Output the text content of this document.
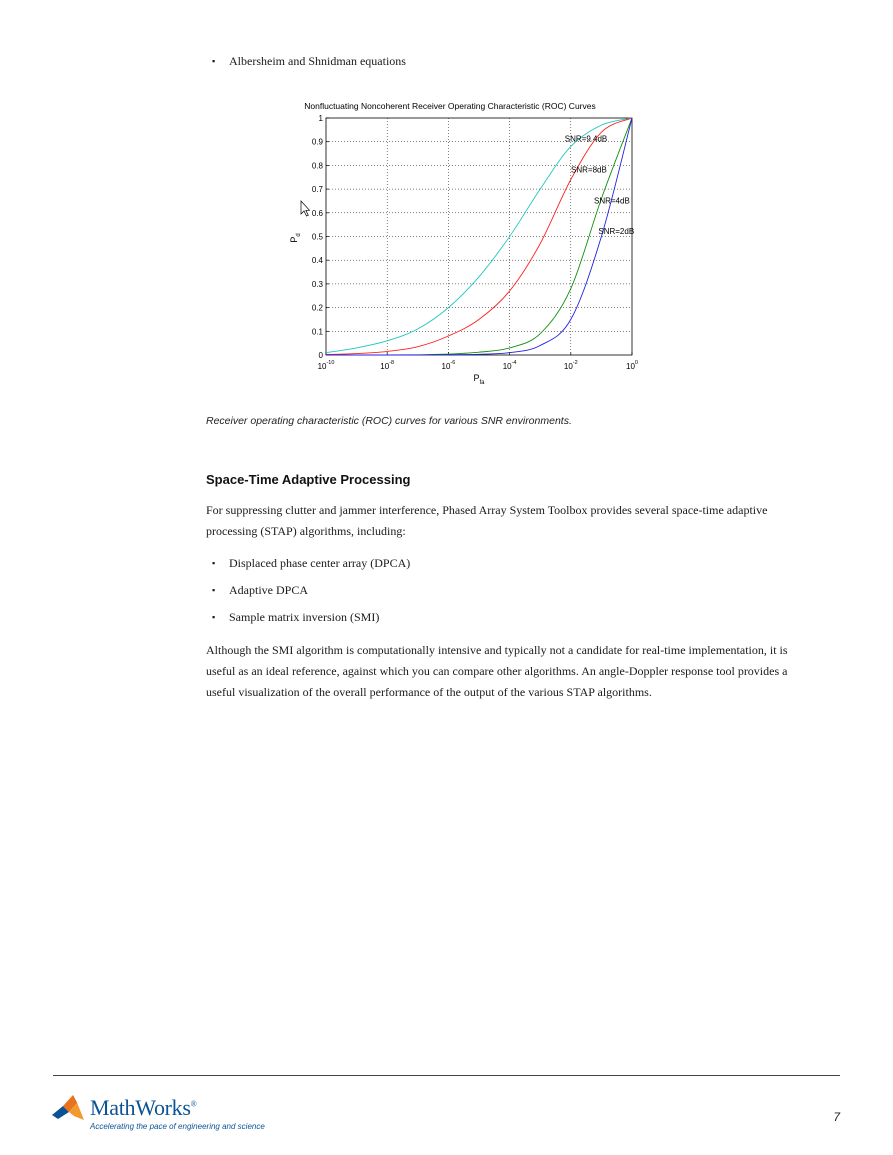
▪ Albersheim and Shnidman equations
Nonfluctuating Noncoherent Receiver Operating Characteristic (ROC) Curves
0
0.1
0.2
0.3
0.4
0.5
0.6
0.7
0.8
0.9
1
$10^{-10}$	$10^{-8}$	$10^{-6}$	$10^{-4}$	$10^{-2}$	$10^0$
SNR=9.4dB
SNR=8dB
SNR=4dB
SNR=2dB
$P_{fa}$
$P_d$
Receiver operating characteristic (ROC) curves for various SNR environments.
Space-Time Adaptive Processing

For suppressing clutter and jammer interference, Phased Array System Toolbox provides several space-time adaptive processing (STAP) algorithms, including:

▪ Displaced phase center array (DPCA)
▪ Adaptive DPCA
▪ Sample matrix inversion (SMI)

Although the SMI algorithm is computationally intensive and typically not a candidate for real-time implementation, it is useful as an ideal reference, against which you can compare other algorithms. An angle-Doppler response tool provides a useful visualization of the overall performance of the output of the various STAP algorithms.

MathWorks®
Accelerating the pace of engineering and science
7
